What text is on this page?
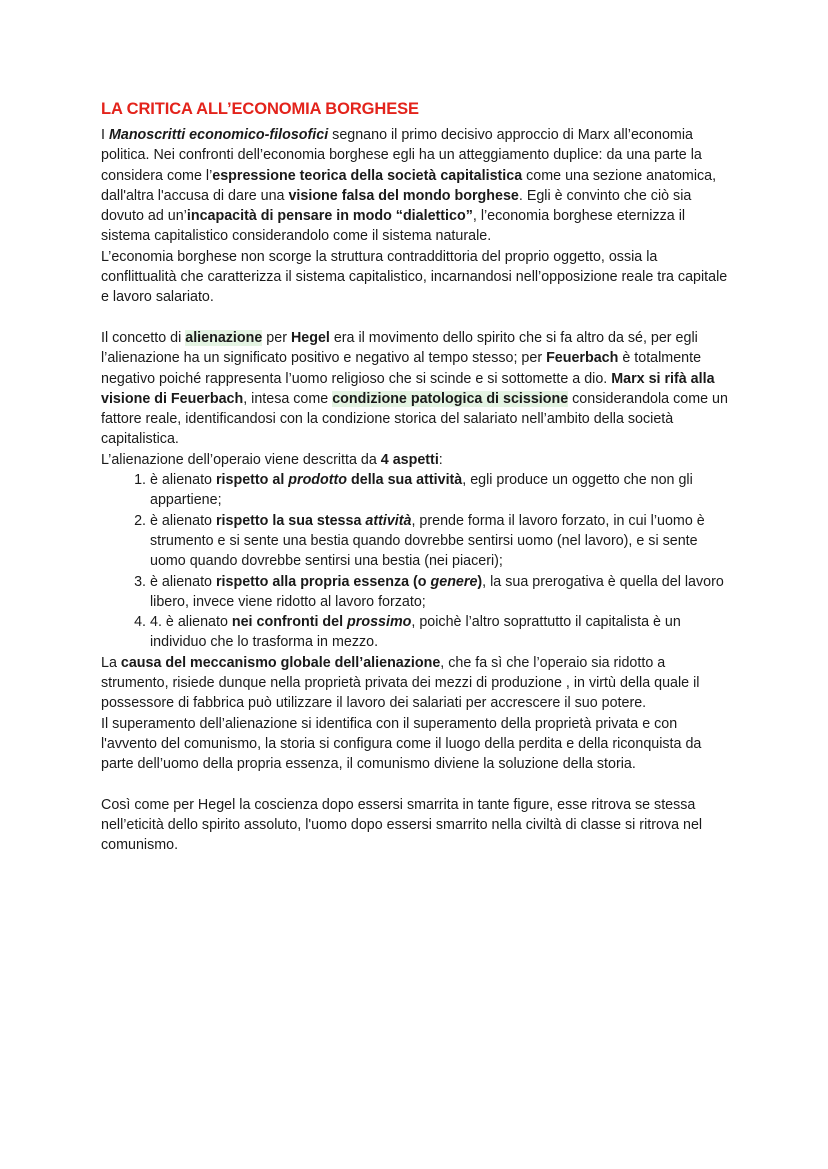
LA CRITICA ALL’ECONOMIA BORGHESE

I Manoscritti economico-filosofici segnano il primo decisivo approccio di Marx all’economia politica. Nei confronti dell’economia borghese egli ha un atteggiamento duplice: da una parte la considera come l’espressione teorica della società capitalistica come una sezione anatomica, dall'altra l'accusa di dare una visione falsa del mondo borghese. Egli è convinto che ciò sia dovuto ad un’incapacità di pensare in modo “dialettico”, l’economia borghese eternizza il sistema capitalistico considerandolo come il sistema naturale.

L’economia borghese non scorge la struttura contraddittoria del proprio oggetto, ossia la conflittualità che caratterizza il sistema capitalistico, incarnandosi nell’opposizione reale tra capitale e lavoro salariato.

Il concetto di alienazione per Hegel era il movimento dello spirito che si fa altro da sé, per egli l’alienazione ha un significato positivo e negativo al tempo stesso; per Feuerbach è totalmente negativo poiché rappresenta l’uomo religioso che si scinde e si sottomette a dio. Marx si rifà alla visione di Feuerbach, intesa come condizione patologica di scissione considerandola come un fattore reale, identificandosi con la condizione storica del salariato nell’ambito della società capitalistica.

L’alienazione dell’operaio viene descritta da 4 aspetti:

1. è alienato rispetto al prodotto della sua attività, egli produce un oggetto che non gli appartiene;
2. è alienato rispetto la sua stessa attività, prende forma il lavoro forzato, in cui l’uomo è strumento e si sente una bestia quando dovrebbe sentirsi uomo (nel lavoro), e si sente uomo quando dovrebbe sentirsi una bestia (nei piaceri);
3. è alienato rispetto alla propria essenza (o genere), la sua prerogativa è quella del lavoro libero, invece viene ridotto al lavoro forzato;
4. 4. è alienato nei confronti del prossimo, poichè l’altro soprattutto il capitalista è un individuo che lo trasforma in mezzo.

La causa del meccanismo globale dell’alienazione, che fa sì che l’operaio sia ridotto a strumento, risiede dunque nella proprietà privata dei mezzi di produzione , in virtù della quale il possessore di fabbrica può utilizzare il lavoro dei salariati per accrescere il suo potere.

Il superamento dell’alienazione si identifica con il superamento della proprietà privata e con l'avvento del comunismo, la storia si configura come il luogo della perdita e della riconquista da parte dell’uomo della propria essenza, il comunismo diviene la soluzione della storia.

Così come per Hegel la coscienza dopo essersi smarrita in tante figure, esse ritrova se stessa nell’eticità dello spirito assoluto, l'uomo dopo essersi smarrito nella civiltà di classe si ritrova nel comunismo.
